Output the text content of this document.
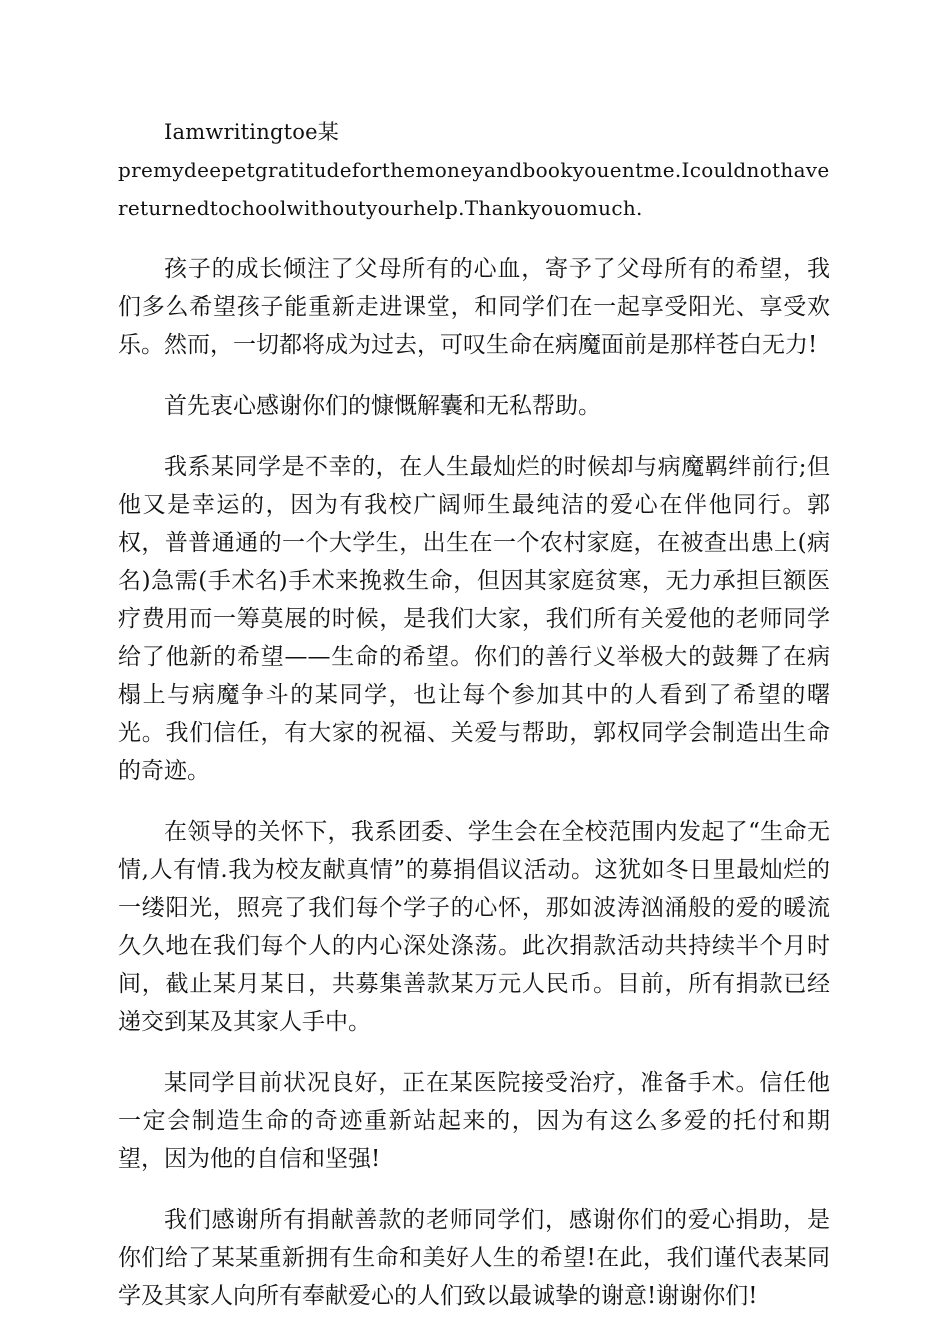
Iamwritingtoe某

premydeepetgratitudeforthemoneyandbookyouentme.Icouldnothavereturnedtochoolwithoutyourhelp.Thankyouomuch.

孩子的成长倾注了父母所有的心血，寄予了父母所有的希望，我们多么希望孩子能重新走进课堂，和同学们在一起享受阳光、享受欢乐。然而，一切都将成为过去，可叹生命在病魔面前是那样苍白无力!

首先衷心感谢你们的慷慨解囊和无私帮助。

我系某同学是不幸的，在人生最灿烂的时候却与病魔羁绊前行;但他又是幸运的，因为有我校广阔师生最纯洁的爱心在伴他同行。郭权，普普通通的一个大学生，出生在一个农村家庭，在被查出患上(病名)急需(手术名)手术来挽救生命，但因其家庭贫寒，无力承担巨额医疗费用而一筹莫展的时候，是我们大家，我们所有关爱他的老师同学给了他新的希望——生命的希望。你们的善行义举极大的鼓舞了在病榻上与病魔争斗的某同学，也让每个参加其中的人看到了希望的曙光。我们信任，有大家的祝福、关爱与帮助，郭权同学会制造出生命的奇迹。

在领导的关怀下，我系团委、学生会在全校范围内发起了“生命无情,人有情.我为校友献真情”的募捐倡议活动。这犹如冬日里最灿烂的一缕阳光，照亮了我们每个学子的心怀，那如波涛汹涌般的爱的暖流久久地在我们每个人的内心深处涤荡。此次捐款活动共持续半个月时间，截止某月某日，共募集善款某万元人民币。目前，所有捐款已经递交到某及其家人手中。

某同学目前状况良好，正在某医院接受治疗，准备手术。信任他一定会制造生命的奇迹重新站起来的，因为有这么多爱的托付和期望，因为他的自信和坚强!

我们感谢所有捐献善款的老师同学们，感谢你们的爱心捐助，是你们给了某某重新拥有生命和美好人生的希望!在此，我们谨代表某同学及其家人向所有奉献爱心的人们致以最诚挚的谢意!谢谢你们!
